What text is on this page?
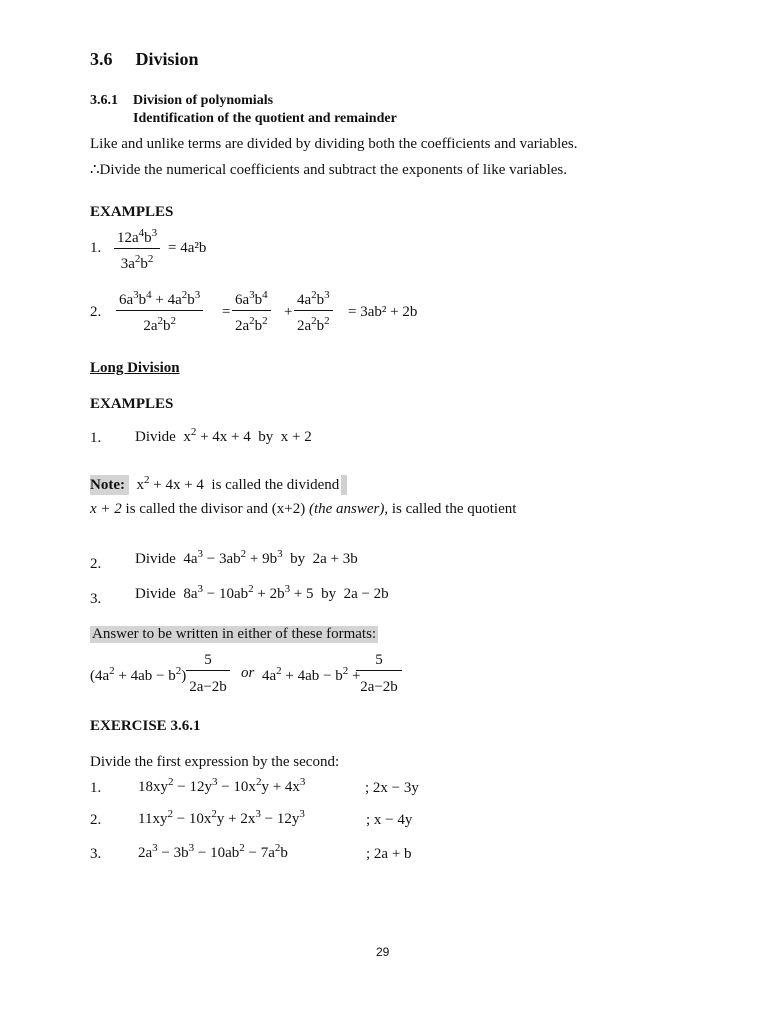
3.6 Division
3.6.1 Division of polynomials
Identification of the quotient and remainder
Like and unlike terms are divided by dividing both the coefficients and variables.
∴Divide the numerical coefficients and subtract the exponents of like variables.
EXAMPLES
1.
$12a^4b^3$
$3a^2b^2$
= 4a²b
2.
$6a^3b^4 + 4a^2b^3$
$2a^2b^2$
=
$6a^3b^4$
$2a^2b^2$
+
$4a^2b^3$
$2a^2b^2$
= 3ab² + 2b
Long Division
EXAMPLES
1. Divide  $x^2 + 4x + 4$  by  x + 2
Note:  $x^2 + 4x + 4$  is called the dividend
x + 2 is called the divisor and (x+2) (the answer), is called the quotient
2. Divide  $4a^3 - 3ab^2 + 9b^3$ by  2a + 3b
3. Divide  $8a^3 - 10ab^2 + 2b^3 + 5$  by  2a − 2b
Answer to be written in either of these formats:
$(4a^2 + 4ab - b^2)$
5
2a−2b
or $4a^2 + 4ab - b^2$ +
5
2a−2b
EXERCISE 3.6.1
Divide the first expression by the second:
1. $18xy^2 - 12y^3 - 10x^2y + 4x^3$	; 2x − 3y
2. $11xy^2 - 10x^2y + 2x^3 - 12y^3$	; x − 4y
3. $2a^3 - 3b^3 - 10ab^2 - 7a^2b$	; 2a + b
29
